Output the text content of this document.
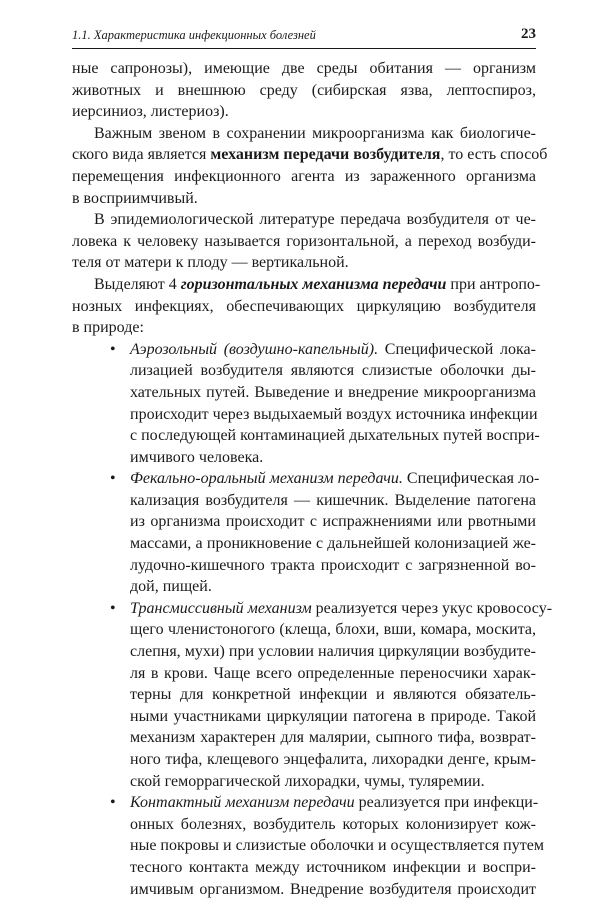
1.1. Характеристика инфекционных болезней	23
ные сапронозы), имеющие две среды обитания — организм
животных и внешнюю среду (сибирская язва, лептоспироз,
иерсиниоз, листериоз).
Важным звеном в сохранении микроорганизма как биологиче-
ского вида является механизм передачи возбудителя, то есть способ
перемещения инфекционного агента из зараженного организма
в восприимчивый.
В эпидемиологической литературе передача возбудителя от че-
ловека к человеку называется горизонтальной, а переход возбуди-
теля от матери к плоду — вертикальной.
Выделяют 4 горизонтальных механизма передачи при антропо-
нозных инфекциях, обеспечивающих циркуляцию возбудителя
в природе:
• Аэрозольный (воздушно-капельный). Специфической лока-
лизацией возбудителя являются слизистые оболочки ды-
хательных путей. Выведение и внедрение микроорганизма
происходит через выдыхаемый воздух источника инфекции
с последующей контаминацией дыхательных путей воспри-
имчивого человека.
• Фекально-оральный механизм передачи. Специфическая ло-
кализация возбудителя — кишечник. Выделение патогена
из организма происходит с испражнениями или рвотными
массами, а проникновение с дальнейшей колонизацией же-
лудочно-кишечного тракта происходит с загрязненной во-
дой, пищей.
• Трансмиссивный механизм реализуется через укус кровососу-
щего членистоногого (клеща, блохи, вши, комара, москита,
слепня, мухи) при условии наличия циркуляции возбудите-
ля в крови. Чаще всего определенные переносчики харак-
терны для конкретной инфекции и являются обязатель-
ными участниками циркуляции патогена в природе. Такой
механизм характерен для малярии, сыпного тифа, возврат-
ного тифа, клещевого энцефалита, лихорадки денге, крым-
ской геморрагической лихорадки, чумы, туляремии.
• Контактный механизм передачи реализуется при инфекци-
онных болезнях, возбудитель которых колонизирует кож-
ные покровы и слизистые оболочки и осуществляется путем
тесного контакта между источником инфекции и воспри-
имчивым организмом. Внедрение возбудителя происходит
